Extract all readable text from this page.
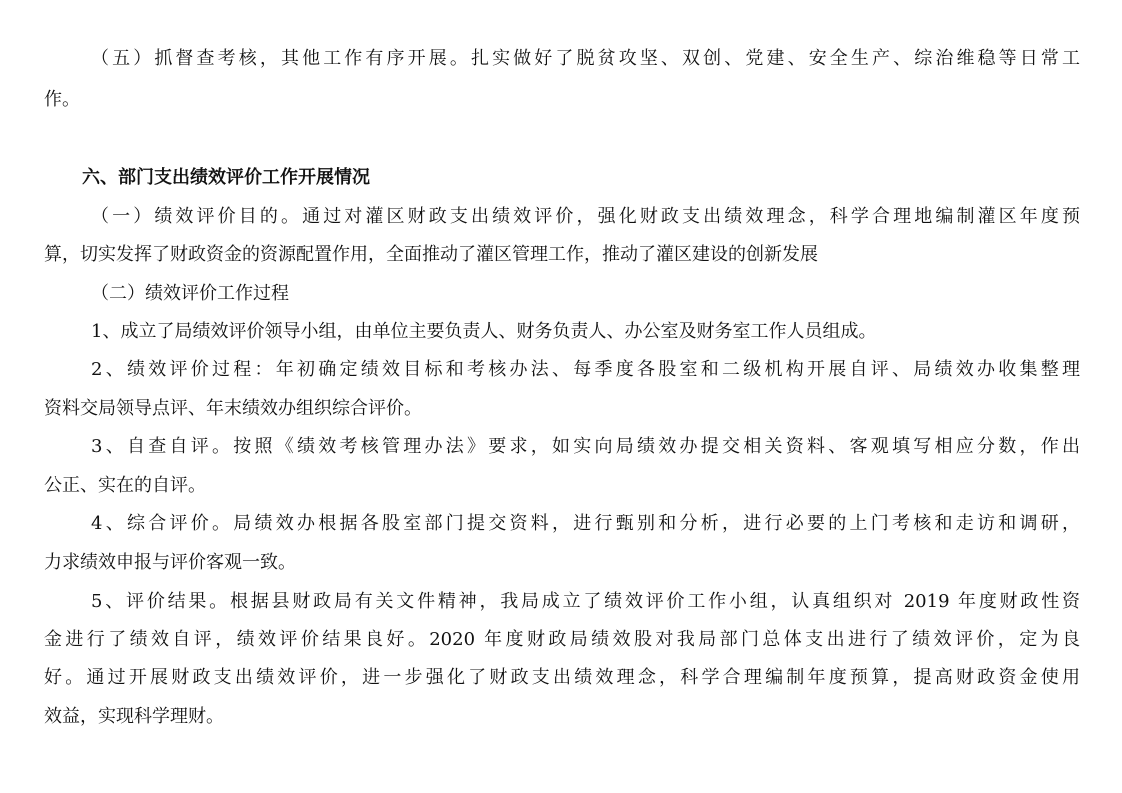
（五）抓督查考核，其他工作有序开展。扎实做好了脱贫攻坚、双创、党建、安全生产、综治维稳等日常工
作。
六、部门支出绩效评价工作开展情况
（一）绩效评价目的。通过对灌区财政支出绩效评价，强化财政支出绩效理念，科学合理地编制灌区年度预
算，切实发挥了财政资金的资源配置作用，全面推动了灌区管理工作，推动了灌区建设的创新发展
（二）绩效评价工作过程
1、成立了局绩效评价领导小组，由单位主要负责人、财务负责人、办公室及财务室工作人员组成。
2、绩效评价过程：年初确定绩效目标和考核办法、每季度各股室和二级机构开展自评、局绩效办收集整理
资料交局领导点评、年末绩效办组织综合评价。
3、自查自评。按照《绩效考核管理办法》要求，如实向局绩效办提交相关资料、客观填写相应分数，作出
公正、实在的自评。
4、综合评价。局绩效办根据各股室部门提交资料，进行甄别和分析，进行必要的上门考核和走访和调研，
力求绩效申报与评价客观一致。
5、评价结果。根据县财政局有关文件精神，我局成立了绩效评价工作小组，认真组织对 2019 年度财政性资
金进行了绩效自评，绩效评价结果良好。2020 年度财政局绩效股对我局部门总体支出进行了绩效评价，定为良
好。通过开展财政支出绩效评价，进一步强化了财政支出绩效理念，科学合理编制年度预算，提高财政资金使用
效益，实现科学理财。
